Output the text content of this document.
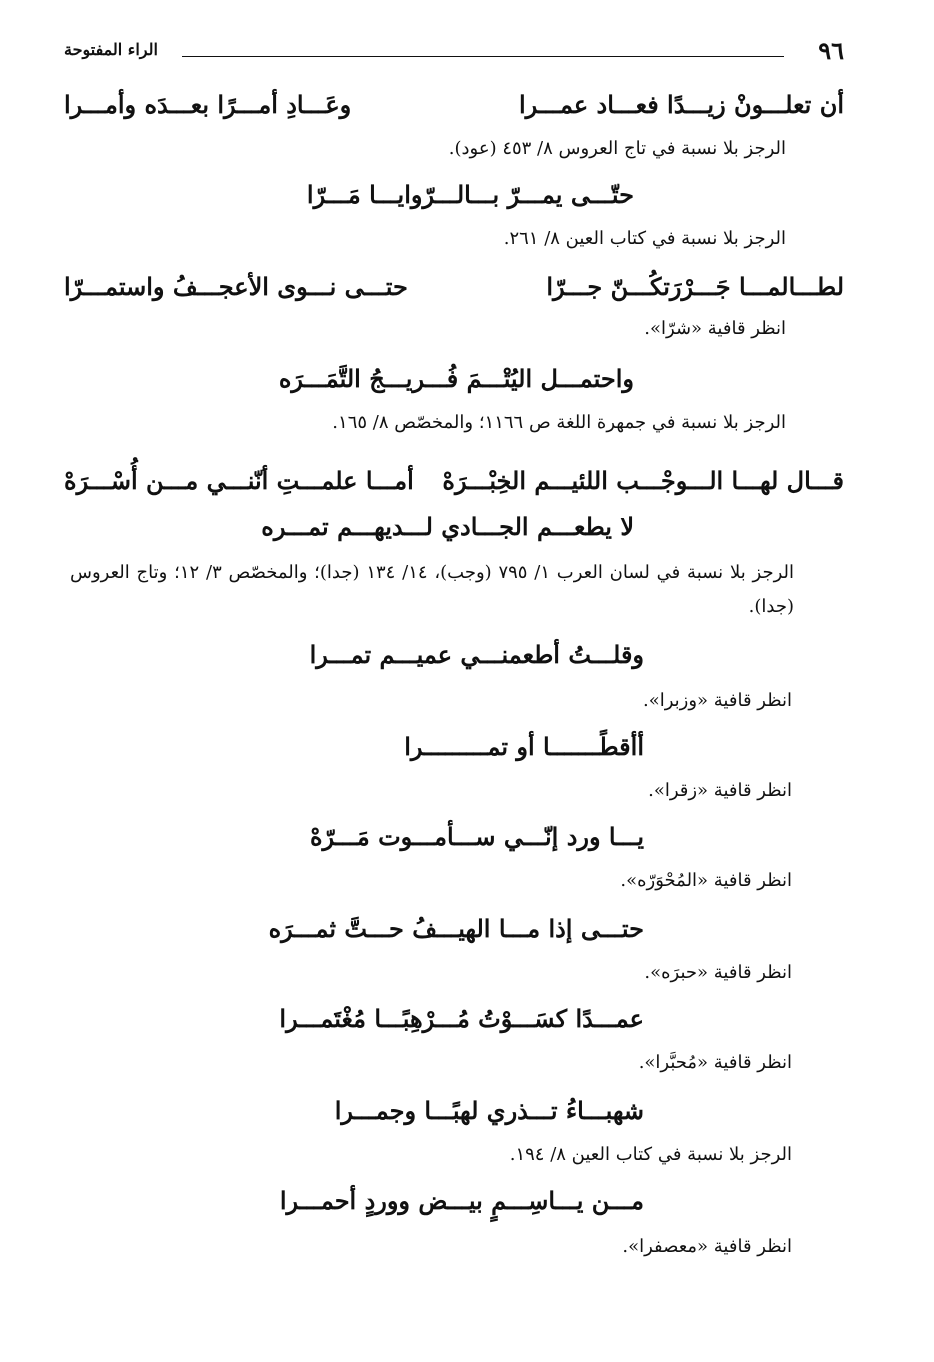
٩٦
الراء المفتوحة
أن تعلـــونْ زيـــدًا فعـــاد عمـــرا
وعَـــادِ أمـــرًا بعـــدَه وأمـــرا
الرجز بلا نسبة في تاج العروس ٨/ ٤٥٣ (عود).
حتّـــى يمـــرّ بـــالـــرّوايـــا مَـــرّا
الرجز بلا نسبة في كتاب العين ٨/ ٢٦١.
لطـــالمـــا جَـــرْرَتكُـــنّ جـــرّا
حتـــى نـــوى الأعجـــفُ واستمـــرّا
انظر قافية «شرّا».
واحتمـــل اليُتْـــمَ فُـــريـــجُ التَّمَـــرَه
الرجز بلا نسبة في جمهرة اللغة ص ١١٦٦؛ والمخصّص ٨/ ١٦٥.
قـــال لهـــا الـــوجْـــب اللئيـــم الخِبْـــرَهْ
أمـــا علمـــتِ أنّنـــي مـــن أُسْـــرَهْ
لا يطعـــم الجـــادي لـــديهـــم تمـــره
الرجز بلا نسبة في لسان العرب ١/ ٧٩٥ (وجب)، ١٤/ ١٣٤ (جدا)؛ والمخصّص ٣/ ١٢؛ وتاج العروس (جدا).
وقلـــتُ أطعمنـــي عميـــم تمـــرا
انظر قافية «وزبرا».
أأقطًـــــــا أو تمـــــــــرا
انظر قافية «زقرا».
يـــا ورد إنّـــي ســـأمـــوت مَـــرّهْ
انظر قافية «المُحْوَرّه».
حتـــى إذا مـــا الهيـــفُ حـــتَّ ثمـــرَه
انظر قافية «حبرَه».
عمـــدًا كسَـــوْتُ مُـــرْهِبًـــا مُغْتَمـــرا
انظر قافية «مُحبَّرا».
شهبـــاءُ تـــذري لهبًـــا وجمـــرا
الرجز بلا نسبة في كتاب العين ٨/ ١٩٤.
مـــن يـــاسِـــمٍ بيـــض ووردٍ أحمـــرا
انظر قافية «معصفرا».
